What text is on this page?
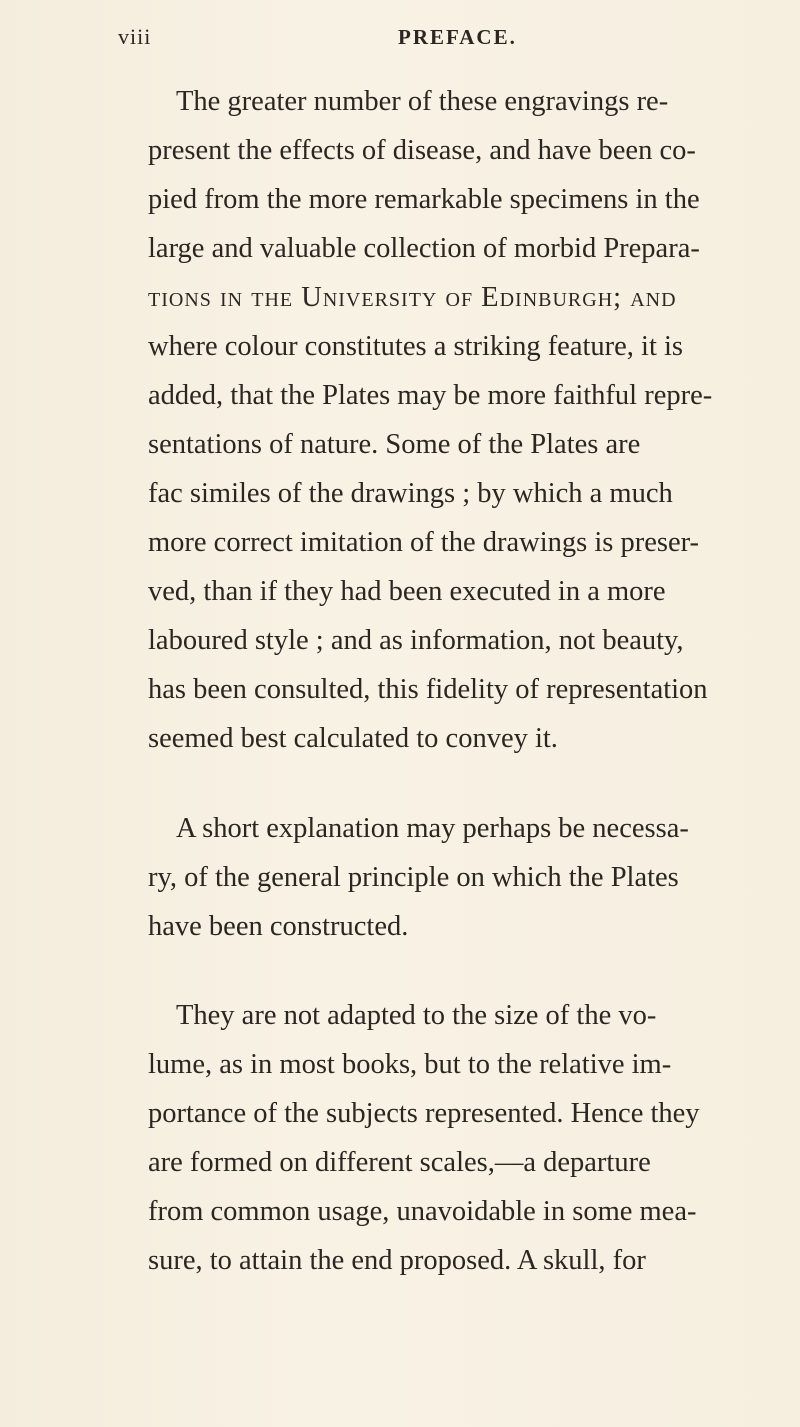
viii	PREFACE.
The greater number of these engravings re-
present the effects of disease, and have been co-
pied from the more remarkable specimens in the
large and valuable collection of morbid Prepara-
tions in the University of Edinburgh; and
where colour constitutes a striking feature, it is
added, that the Plates may be more faithful repre-
sentations of nature. Some of the Plates are
fac similes of the drawings ; by which a much
more correct imitation of the drawings is preser-
ved, than if they had been executed in a more
laboured style ; and as information, not beauty,
has been consulted, this fidelity of representation
seemed best calculated to convey it.
A short explanation may perhaps be necessa-
ry, of the general principle on which the Plates
have been constructed.
They are not adapted to the size of the vo-
lume, as in most books, but to the relative im-
portance of the subjects represented. Hence they
are formed on different scales,—a departure
from common usage, unavoidable in some mea-
sure, to attain the end proposed. A skull, for
